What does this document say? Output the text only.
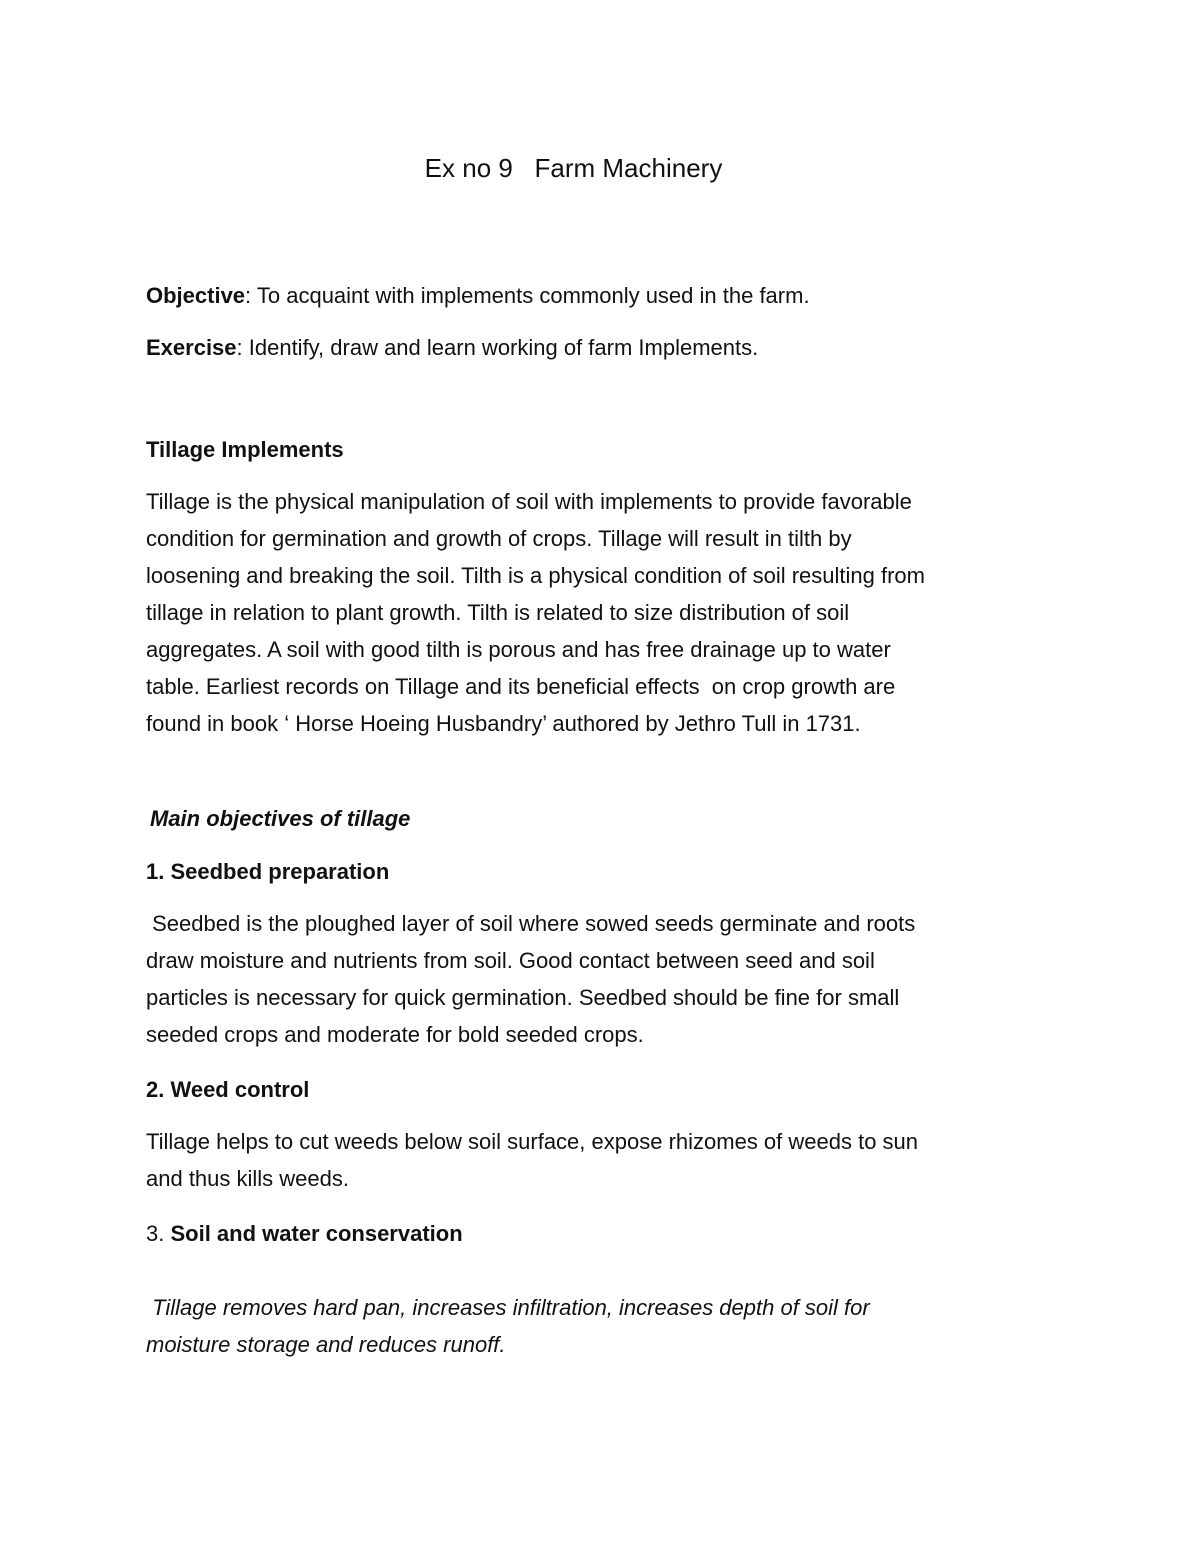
Ex no 9   Farm Machinery
Objective: To acquaint with implements commonly used in the farm.
Exercise: Identify, draw and learn working of farm Implements.
Tillage Implements
Tillage is the physical manipulation of soil with implements to provide favorable
condition for germination and growth of crops. Tillage will result in tilth by
loosening and breaking the soil. Tilth is a physical condition of soil resulting from
tillage in relation to plant growth. Tilth is related to size distribution of soil
aggregates. A soil with good tilth is porous and has free drainage up to water
table. Earliest records on Tillage and its beneficial effects  on crop growth are
found in book ‘ Horse Hoeing Husbandry’ authored by Jethro Tull in 1731.
Main objectives of tillage
1. Seedbed preparation
Seedbed is the ploughed layer of soil where sowed seeds germinate and roots
draw moisture and nutrients from soil. Good contact between seed and soil
particles is necessary for quick germination. Seedbed should be fine for small
seeded crops and moderate for bold seeded crops.
2. Weed control
Tillage helps to cut weeds below soil surface, expose rhizomes of weeds to sun
and thus kills weeds.
3. Soil and water conservation
Tillage removes hard pan, increases infiltration, increases depth of soil for
moisture storage and reduces runoff.
